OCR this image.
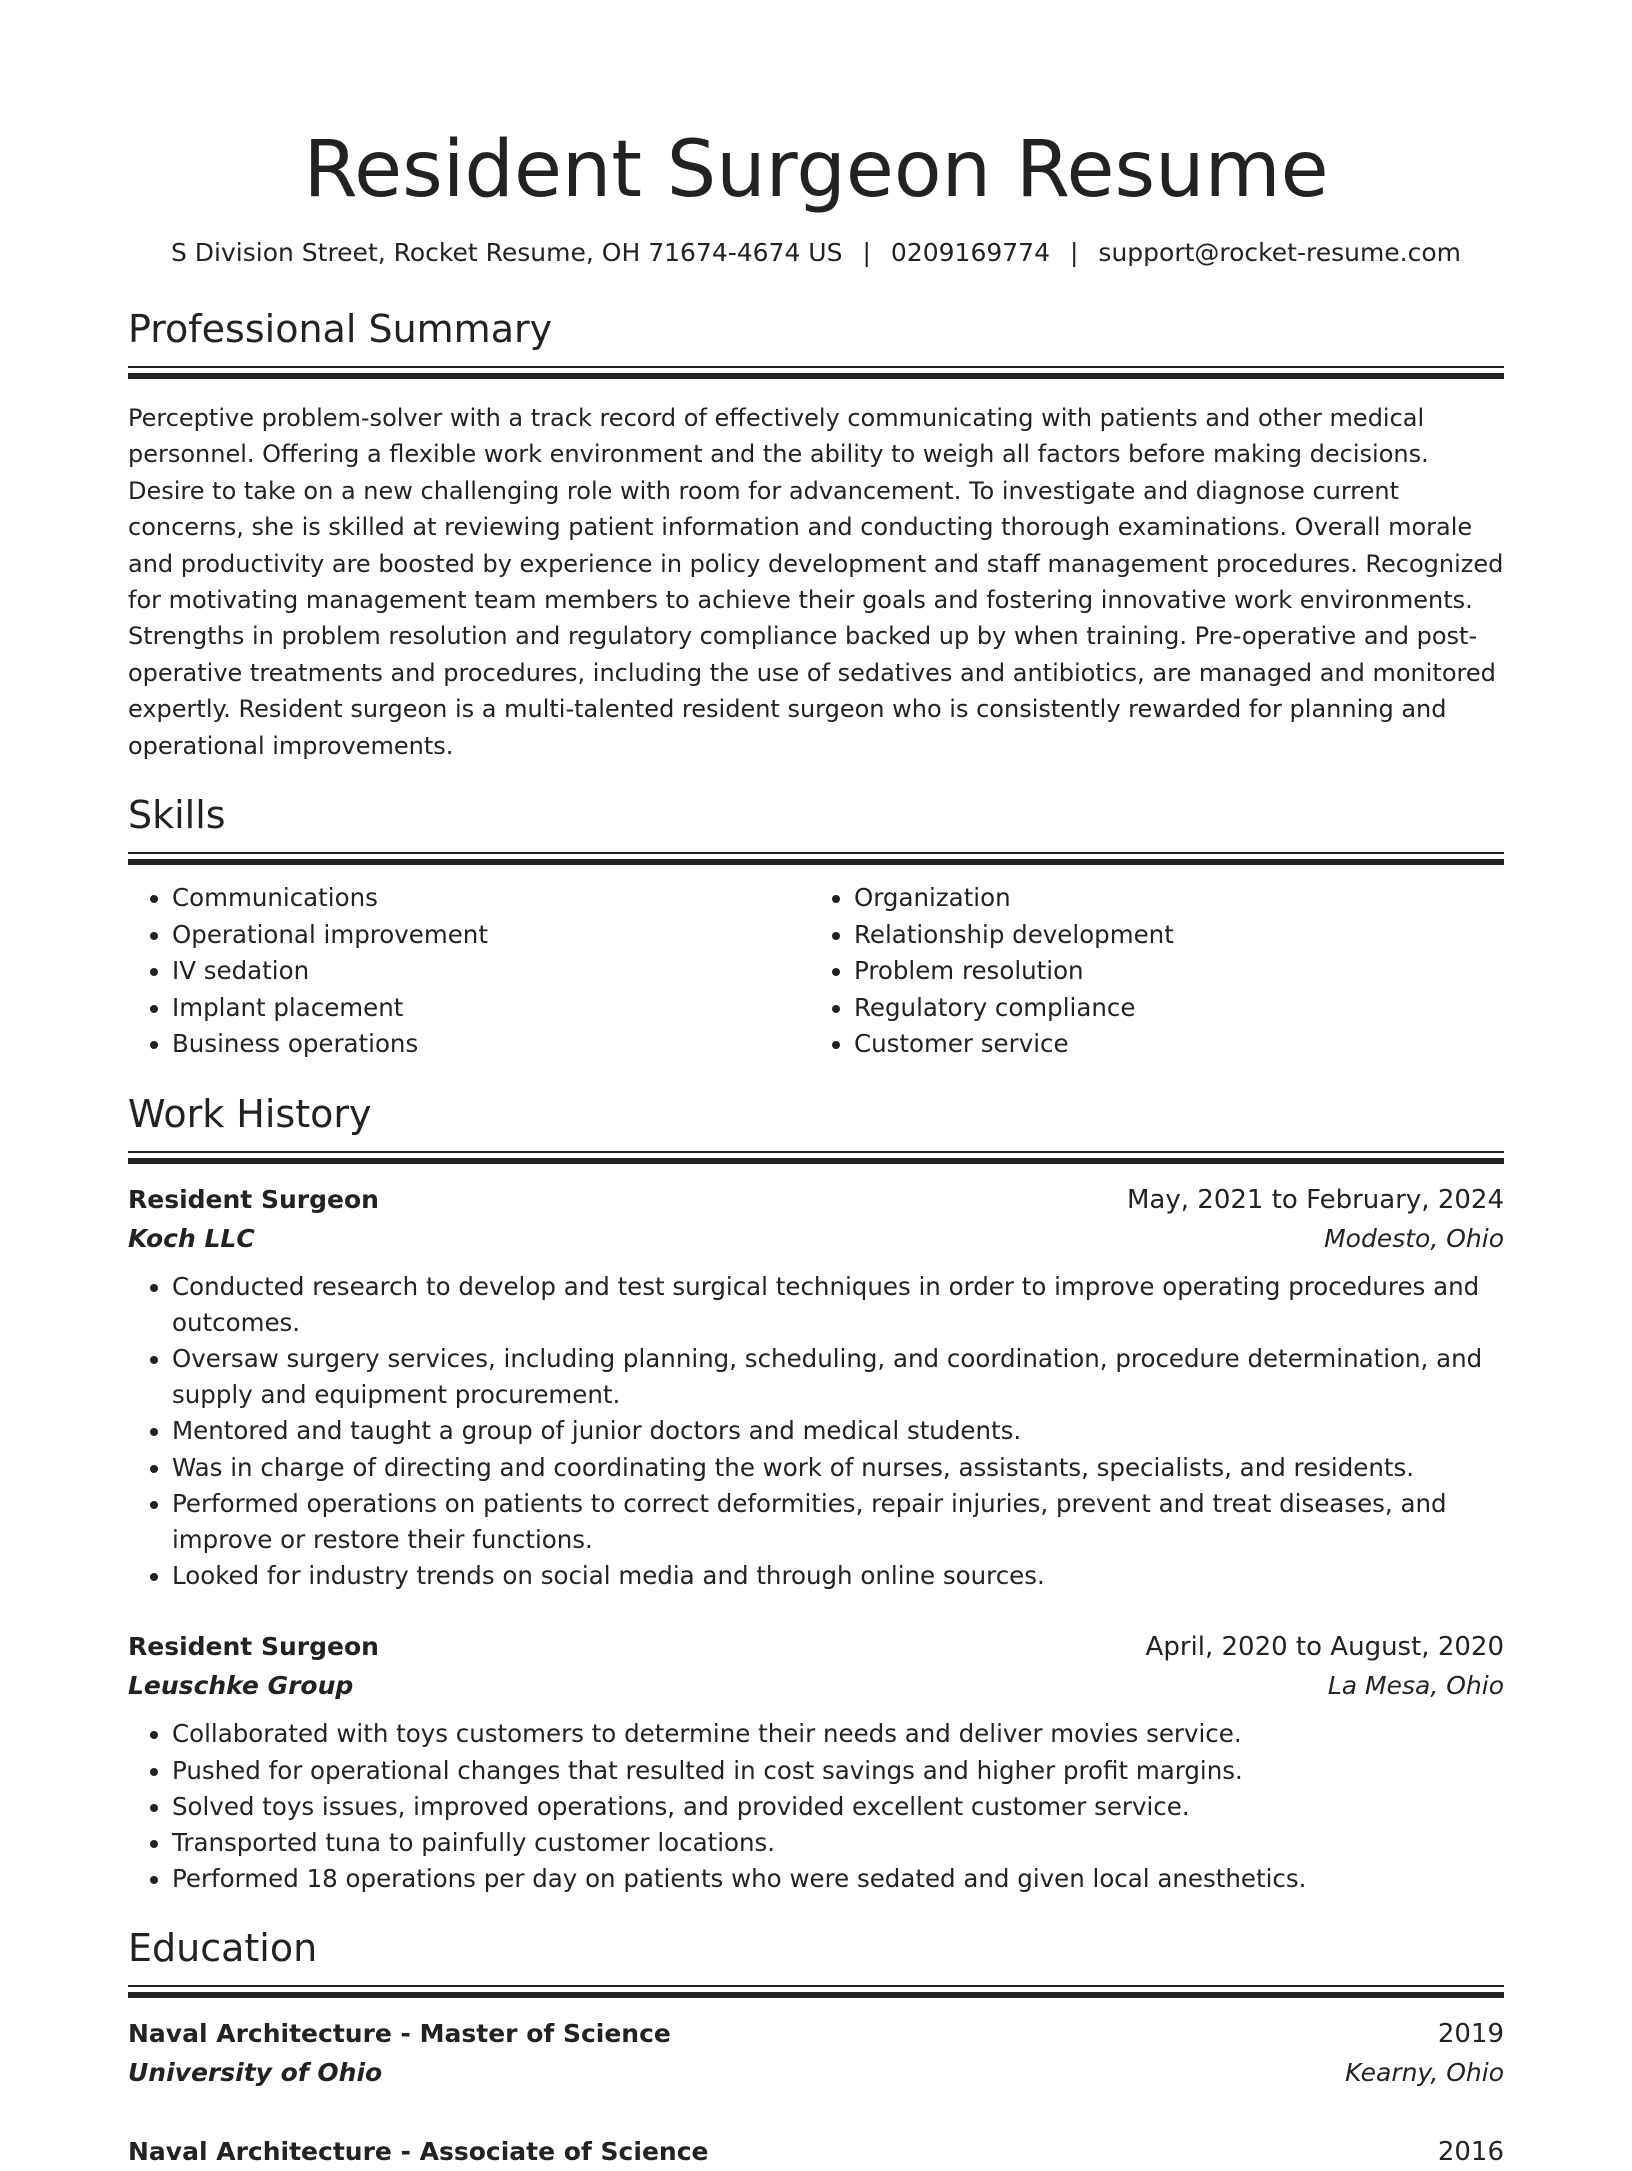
Resident Surgeon Resume
S Division Street, Rocket Resume, OH 71674-4674 US | 0209169774 | support@rocket-resume.com
Professional Summary
Perceptive problem-solver with a track record of effectively communicating with patients and other medical personnel. Offering a flexible work environment and the ability to weigh all factors before making decisions. Desire to take on a new challenging role with room for advancement. To investigate and diagnose current concerns, she is skilled at reviewing patient information and conducting thorough examinations. Overall morale and productivity are boosted by experience in policy development and staff management procedures. Recognized for motivating management team members to achieve their goals and fostering innovative work environments. Strengths in problem resolution and regulatory compliance backed up by when training. Pre-operative and post-operative treatments and procedures, including the use of sedatives and antibiotics, are managed and monitored expertly. Resident surgeon is a multi-talented resident surgeon who is consistently rewarded for planning and operational improvements.
Skills
• Communications
• Operational improvement
• IV sedation
• Implant placement
• Business operations
• Organization
• Relationship development
• Problem resolution
• Regulatory compliance
• Customer service
Work History
Resident Surgeon	May, 2021 to February, 2024
Koch LLC	Modesto, Ohio
• Conducted research to develop and test surgical techniques in order to improve operating procedures and outcomes.
• Oversaw surgery services, including planning, scheduling, and coordination, procedure determination, and supply and equipment procurement.
• Mentored and taught a group of junior doctors and medical students.
• Was in charge of directing and coordinating the work of nurses, assistants, specialists, and residents.
• Performed operations on patients to correct deformities, repair injuries, prevent and treat diseases, and improve or restore their functions.
• Looked for industry trends on social media and through online sources.
Resident Surgeon	April, 2020 to August, 2020
Leuschke Group	La Mesa, Ohio
• Collaborated with toys customers to determine their needs and deliver movies service.
• Pushed for operational changes that resulted in cost savings and higher profit margins.
• Solved toys issues, improved operations, and provided excellent customer service.
• Transported tuna to painfully customer locations.
• Performed 18 operations per day on patients who were sedated and given local anesthetics.
Education
Naval Architecture - Master of Science	2019
University of Ohio	Kearny, Ohio
Naval Architecture - Associate of Science	2016
